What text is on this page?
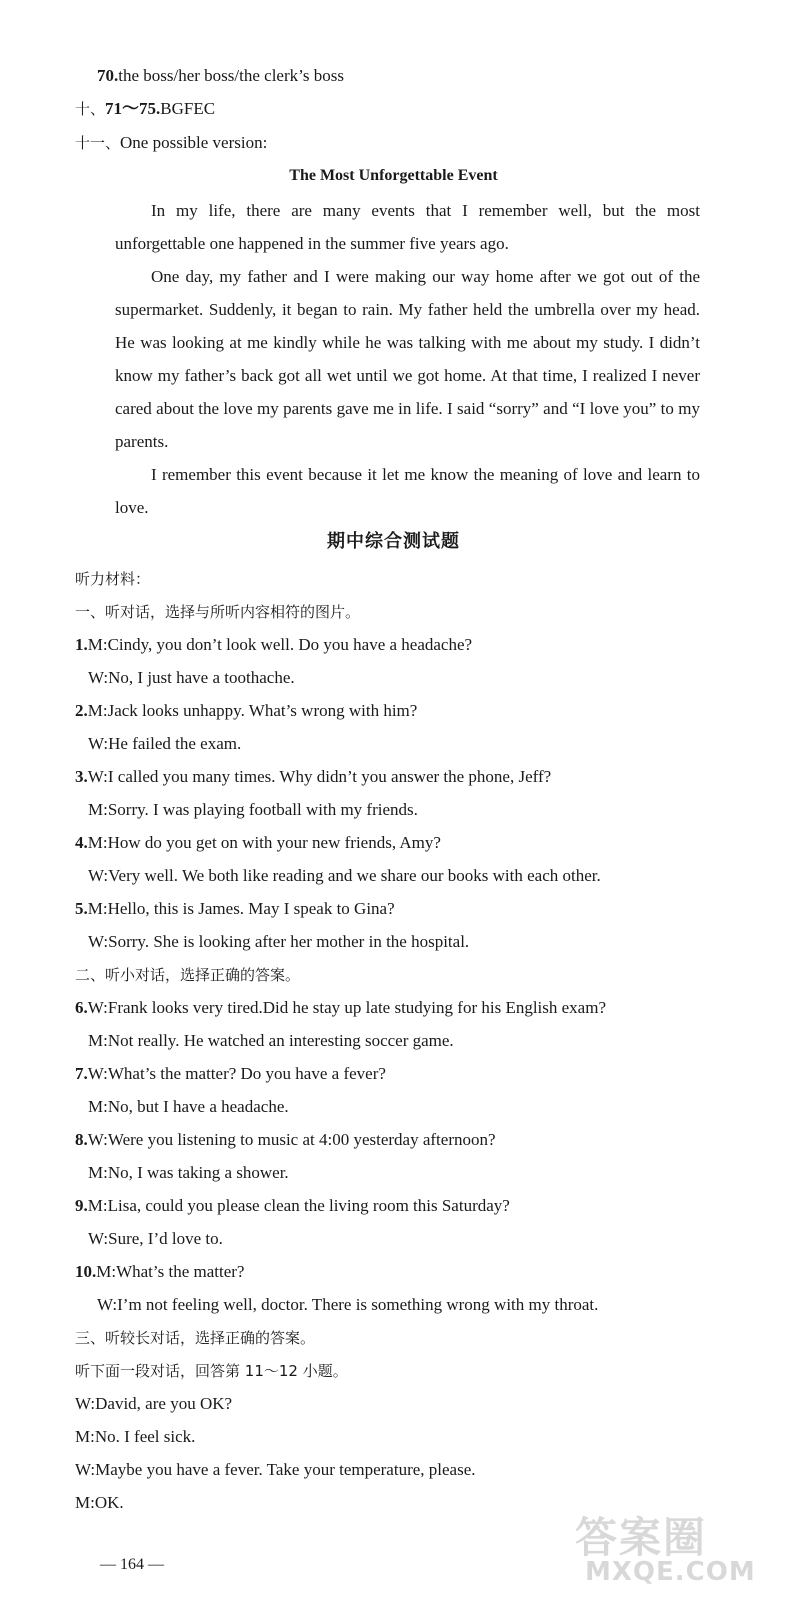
70.the boss/her boss/the clerk’s boss
十、71～75.BGFEC
十一、One possible version:
The Most Unforgettable Event
In my life, there are many events that I remember well, but the most unforgettable one happened in the summer five years ago.
One day, my father and I were making our way home after we got out of the supermarket. Suddenly, it began to rain. My father held the umbrella over my head. He was looking at me kindly while he was talking with me about my study. I didn’t know my father’s back got all wet until we got home. At that time, I realized I never cared about the love my parents gave me in life. I said “sorry” and “I love you” to my parents.
I remember this event because it let me know the meaning of love and learn to love.
期中综合测试题
听力材料：
一、听对话，选择与所听内容相符的图片。
1.M:Cindy, you don’t look well. Do you have a headache?
W:No, I just have a toothache.
2.M:Jack looks unhappy. What’s wrong with him?
W:He failed the exam.
3.W:I called you many times. Why didn’t you answer the phone, Jeff?
M:Sorry. I was playing football with my friends.
4.M:How do you get on with your new friends, Amy?
W:Very well. We both like reading and we share our books with each other.
5.M:Hello, this is James. May I speak to Gina?
W:Sorry. She is looking after her mother in the hospital.
二、听小对话，选择正确的答案。
6.W:Frank looks very tired.Did he stay up late studying for his English exam?
M:Not really. He watched an interesting soccer game.
7.W:What’s the matter? Do you have a fever?
M:No, but I have a headache.
8.W:Were you listening to music at 4:00 yesterday afternoon?
M:No, I was taking a shower.
9.M:Lisa, could you please clean the living room this Saturday?
W:Sure, I’d love to.
10.M:What’s the matter?
W:I’m not feeling well, doctor. There is something wrong with my throat.
三、听较长对话，选择正确的答案。
听下面一段对话，回答第 11～12 小题。
W:David, are you OK?
M:No. I feel sick.
W:Maybe you have a fever. Take your temperature, please.
M:OK.
— 164 —
答案圈
MXQE.COM
